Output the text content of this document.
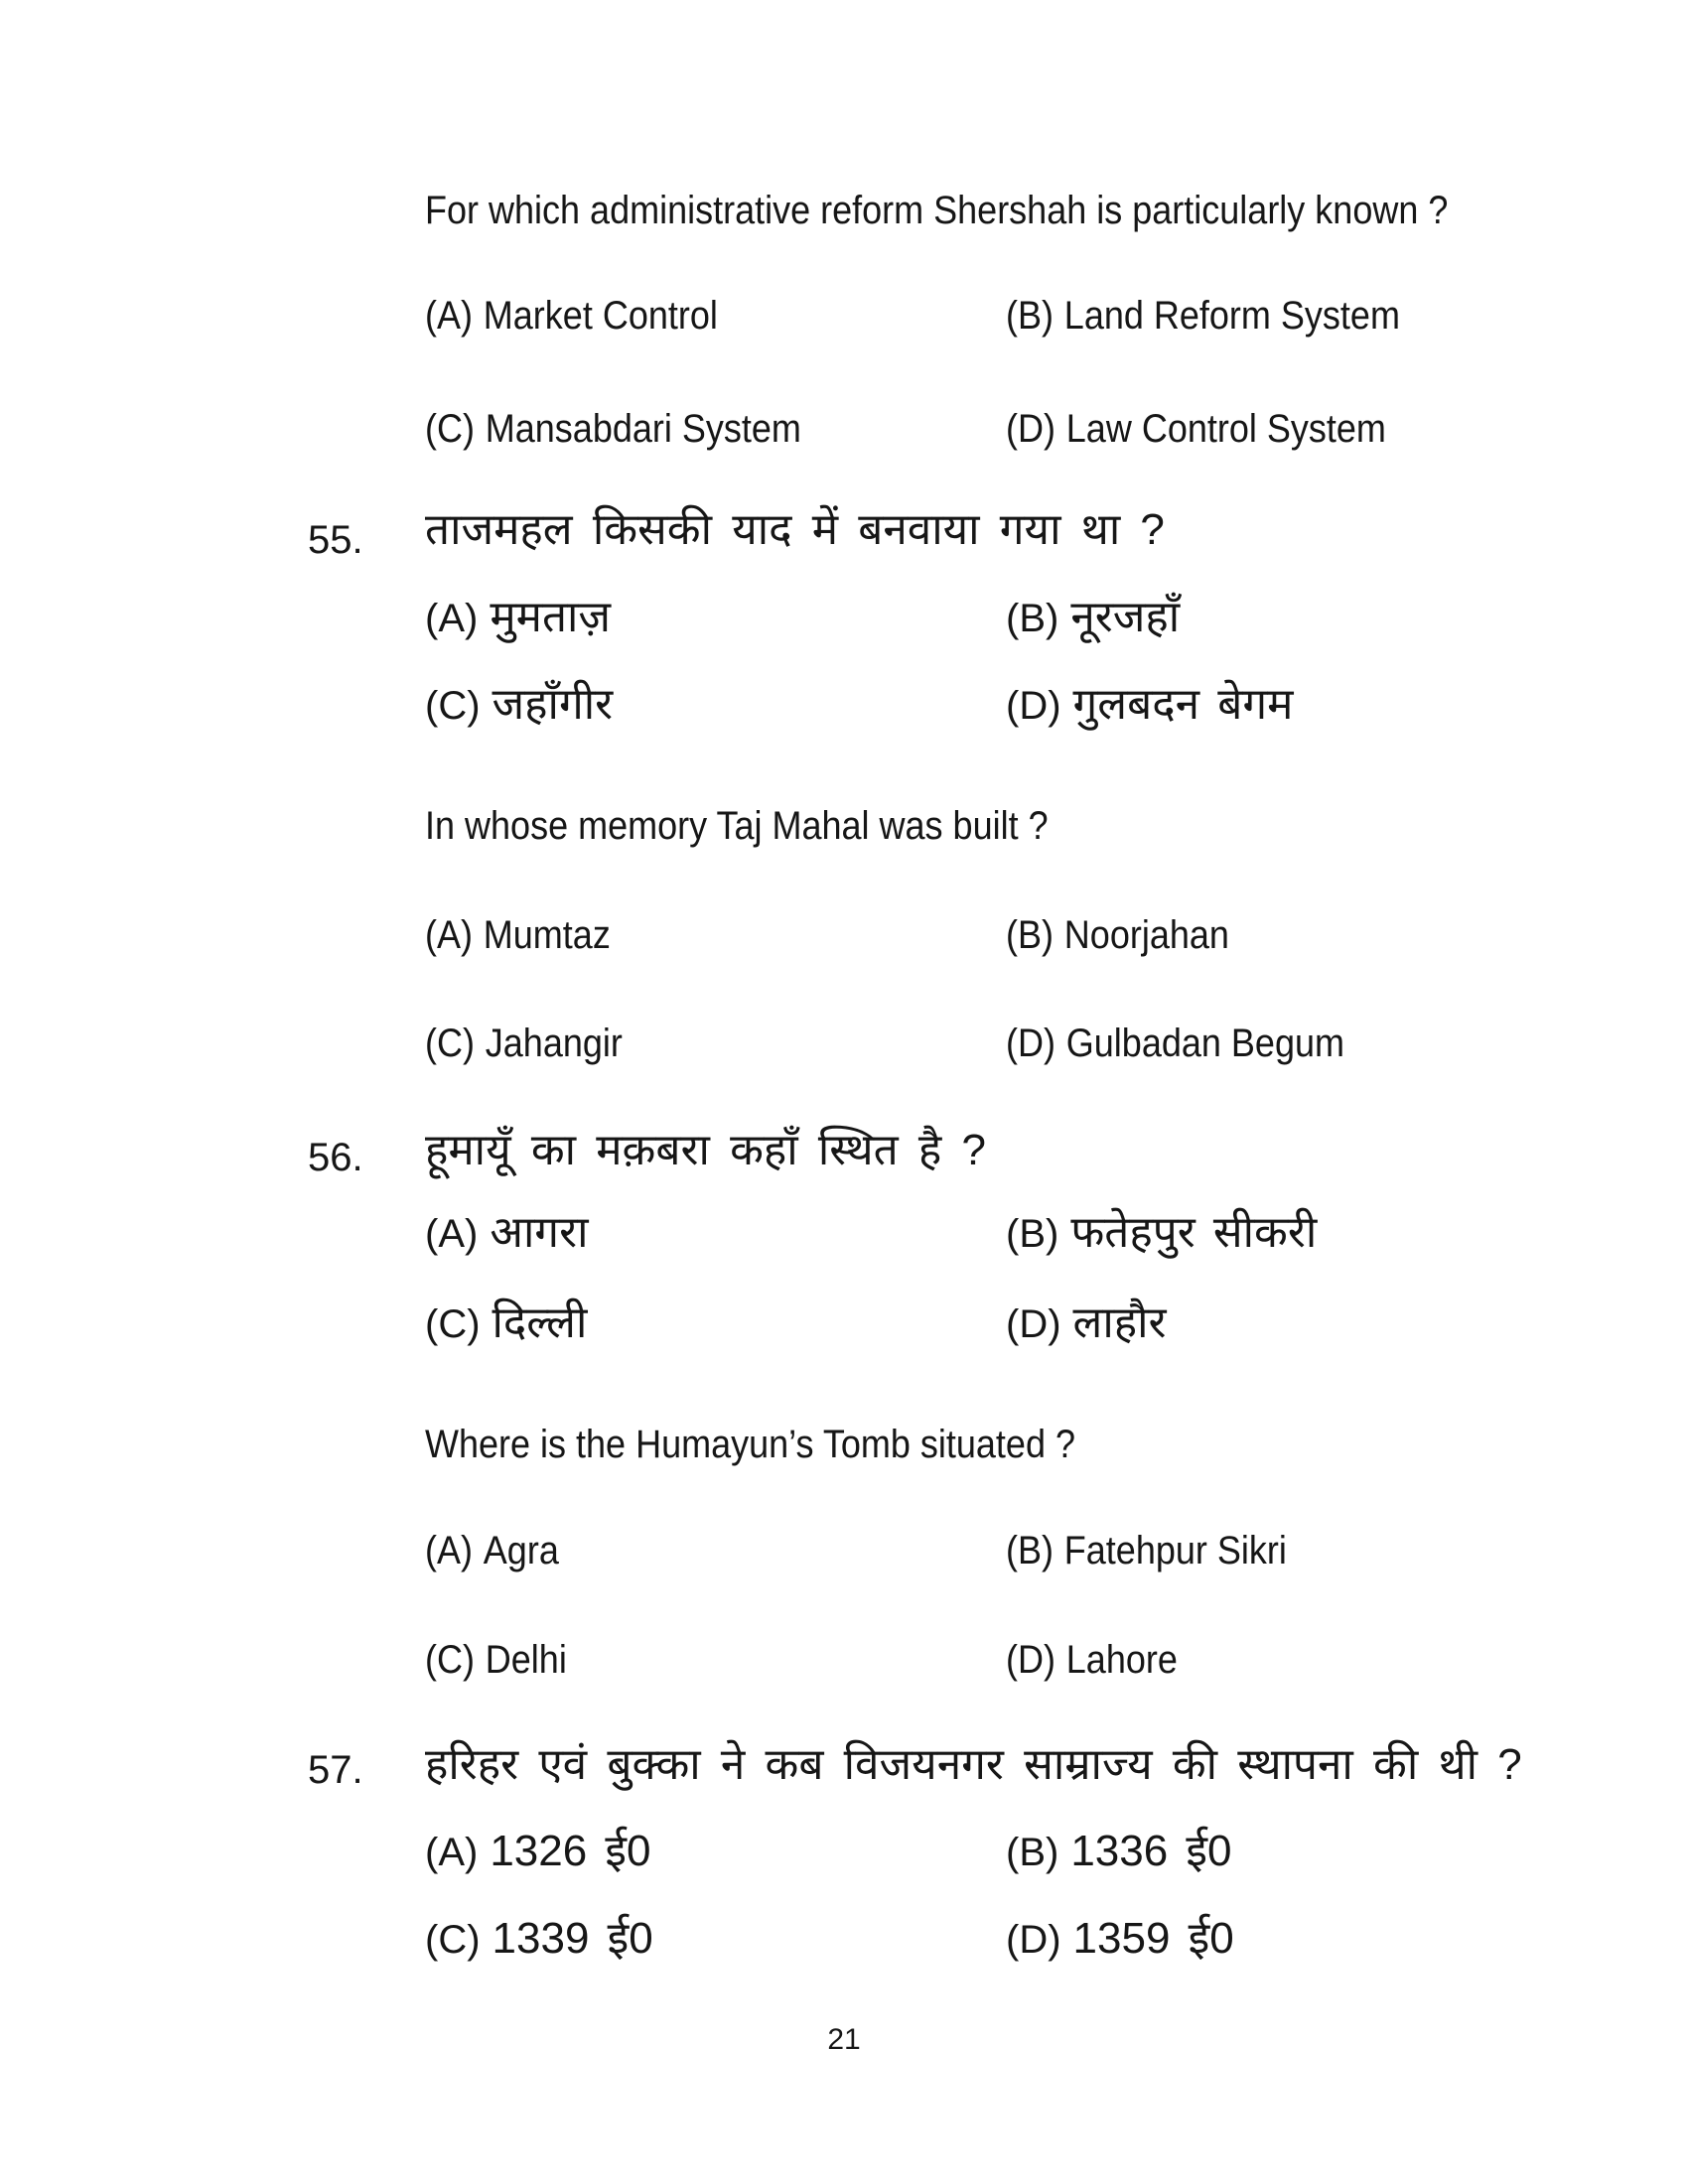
For which administrative reform Shershah is particularly known ?
(A) Market Control	(B) Land Reform System
(C) Mansabdari System	(D) Law Control System
55. ताजमहल किसकी याद में बनवाया गया था ?
(A) मुमताज़	(B) नूरजहाँ
(C) जहाँगीर	(D) गुलबदन बेगम
In whose memory Taj Mahal was built ?
(A) Mumtaz	(B) Noorjahan
(C) Jahangir	(D) Gulbadan Begum
56. हूमायूँ का मक़बरा कहाँ स्थित है ?
(A) आगरा	(B) फतेहपुर सीकरी
(C) दिल्ली	(D) लाहौर
Where is the Humayun’s Tomb situated ?
(A) Agra	(B) Fatehpur Sikri
(C) Delhi	(D) Lahore
57. हरिहर एवं बुक्का ने कब विजयनगर साम्राज्य की स्थापना की थी ?
(A) 1326 ई0	(B) 1336 ई0
(C) 1339 ई0	(D) 1359 ई0
21
